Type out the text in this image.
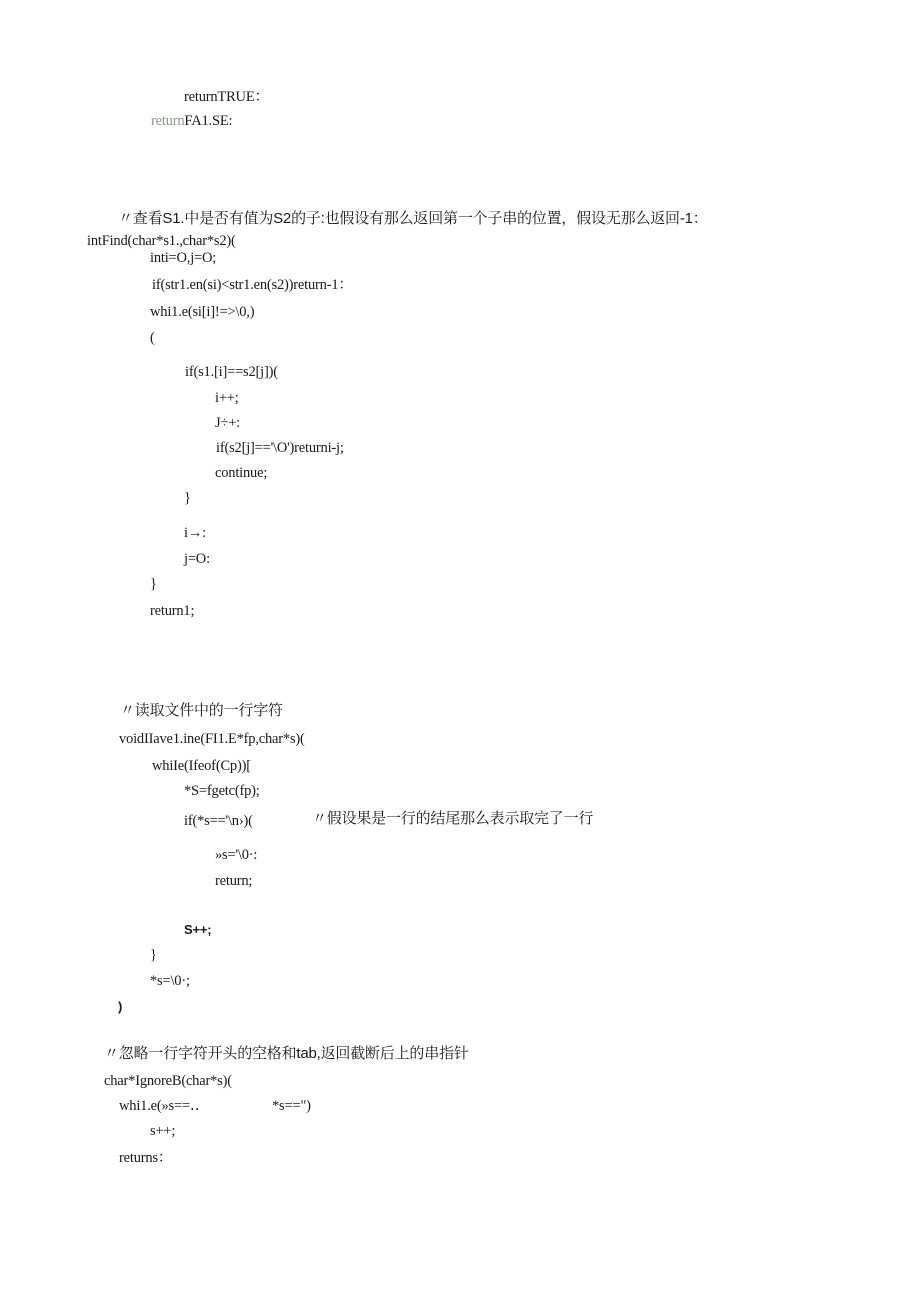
returnTRUE：
returnFA1.SE:
〃查看S1.中是否有值为S2的子:也假设有那么返回第一个子串的位置，假设无那么返回-1：
intFind(char*s1.,char*s2)(
inti=O,j=O;
if(str1.en(si)<str1.en(s2))return-1：
whi1.e(si[i]!=>\0,)
(
if(s1.[i]==s2[j])(
i++;
J÷+:
if(s2[j]=='\O')returni-j;
continue;
}
i→:
j=O:
}
return1;
〃读取文件中的一行字符
voidIIave1.ine(FI1.E*fp,char*s)(
whiIe(Ifeof(Cp))[
*S=fgetc(fp);
if(*s=='\n›)(	〃假设果是一行的结尾那么表示取完了一行
»s='\0·:
return;
S++;
}
*s=\0·;
)
〃忽略一行字符开头的空格和tab,返回截断后上的串指针
char*IgnoreB(char*s)(
whi1.e(»s==‥	*s==")
s++;
returns：
